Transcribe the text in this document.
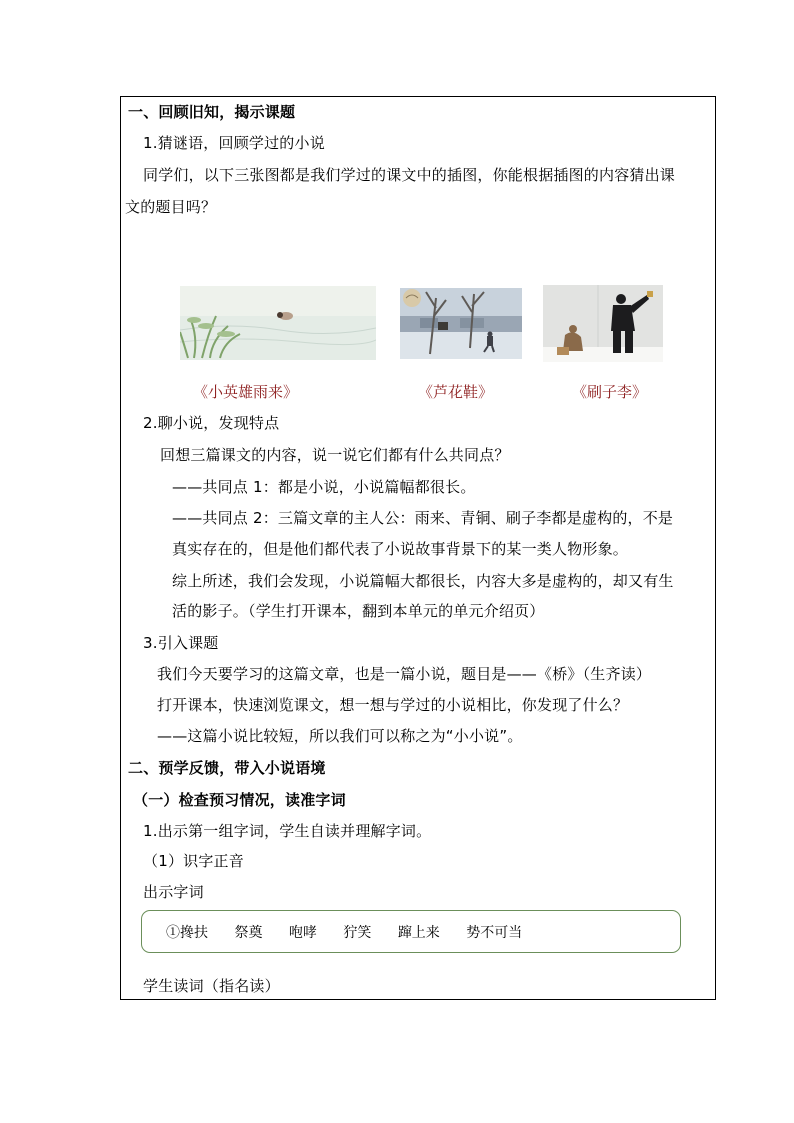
一、回顾旧知，揭示课题
1.猜谜语，回顾学过的小说
同学们，以下三张图都是我们学过的课文中的插图，你能根据插图的内容猜出课
文的题目吗？
《小英雄雨来》	《芦花鞋》	《刷子李》
2.聊小说，发现特点
回想三篇课文的内容，说一说它们都有什么共同点？
——共同点 1：都是小说，小说篇幅都很长。
——共同点 2：三篇文章的主人公：雨来、青铜、刷子李都是虚构的，不是
真实存在的，但是他们都代表了小说故事背景下的某一类人物形象。
综上所述，我们会发现，小说篇幅大都很长，内容大多是虚构的，却又有生
活的影子。（学生打开课本，翻到本单元的单元介绍页）
3.引入课题
我们今天要学习的这篇文章，也是一篇小说，题目是——《桥》（生齐读）
打开课本，快速浏览课文，想一想与学过的小说相比，你发现了什么？
——这篇小说比较短，所以我们可以称之为“小小说”。
二、预学反馈，带入小说语境
（一）检查预习情况，读准字词
1.出示第一组字词，学生自读并理解字词。
（1）识字正音
出示字词
①搀扶 祭奠 咆哮 狞笑 蹿上来 势不可当
学生读词（指名读）
